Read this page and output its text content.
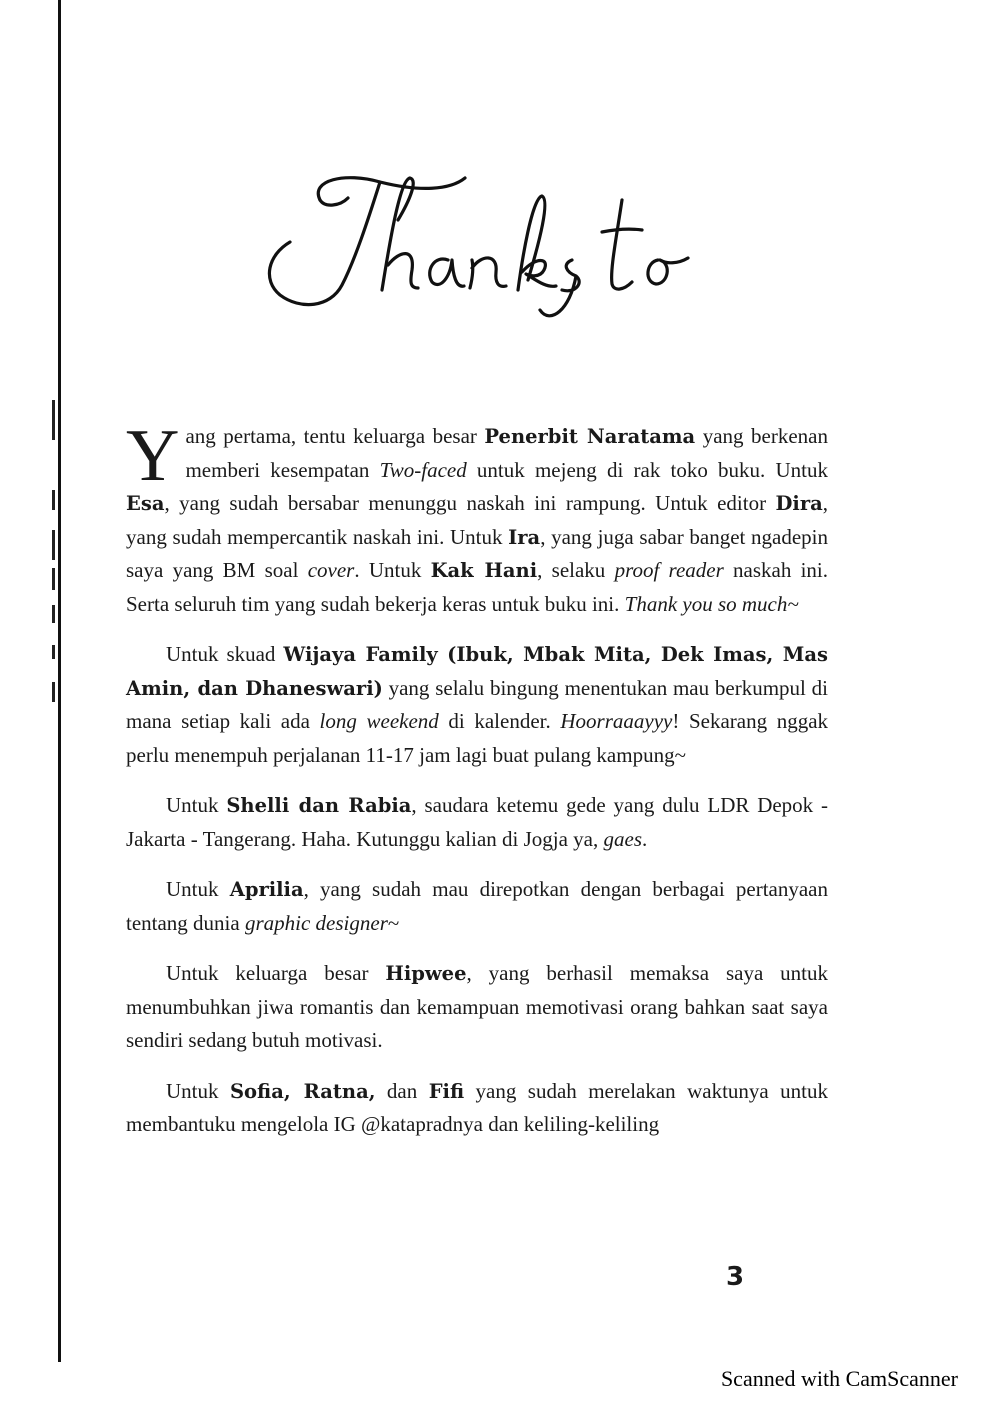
Yang pertama, tentu keluarga besar Penerbit Naratama yang berkenan memberi kesempatan Two-faced untuk mejeng di rak toko buku. Untuk Esa, yang sudah bersabar menunggu naskah ini rampung. Untuk editor Dira, yang sudah mempercantik naskah ini. Untuk Ira, yang juga sabar banget ngadepin saya yang BM soal cover. Untuk Kak Hani, selaku proof reader naskah ini. Serta seluruh tim yang sudah bekerja keras untuk buku ini. Thank you so much~

Untuk skuad Wijaya Family (Ibuk, Mbak Mita, Dek Imas, Mas Amin, dan Dhaneswari) yang selalu bingung menentukan mau berkumpul di mana setiap kali ada long weekend di kalender. Hoorraaayyy! Sekarang nggak perlu menempuh perjalanan 11-17 jam lagi buat pulang kampung~

Untuk Shelli dan Rabia, saudara ketemu gede yang dulu LDR Depok - Jakarta - Tangerang. Haha. Kutunggu kalian di Jogja ya, gaes.

Untuk Aprilia, yang sudah mau direpotkan dengan berbagai pertanyaan tentang dunia graphic designer~

Untuk keluarga besar Hipwee, yang berhasil memaksa saya untuk menumbuhkan jiwa romantis dan kemampuan memotivasi orang bahkan saat saya sendiri sedang butuh motivasi.

Untuk Sofia, Ratna, dan Fifi yang sudah merelakan waktunya untuk membantuku mengelola IG @katapradnya dan keliling-keliling

3
Scanned with CamScanner
